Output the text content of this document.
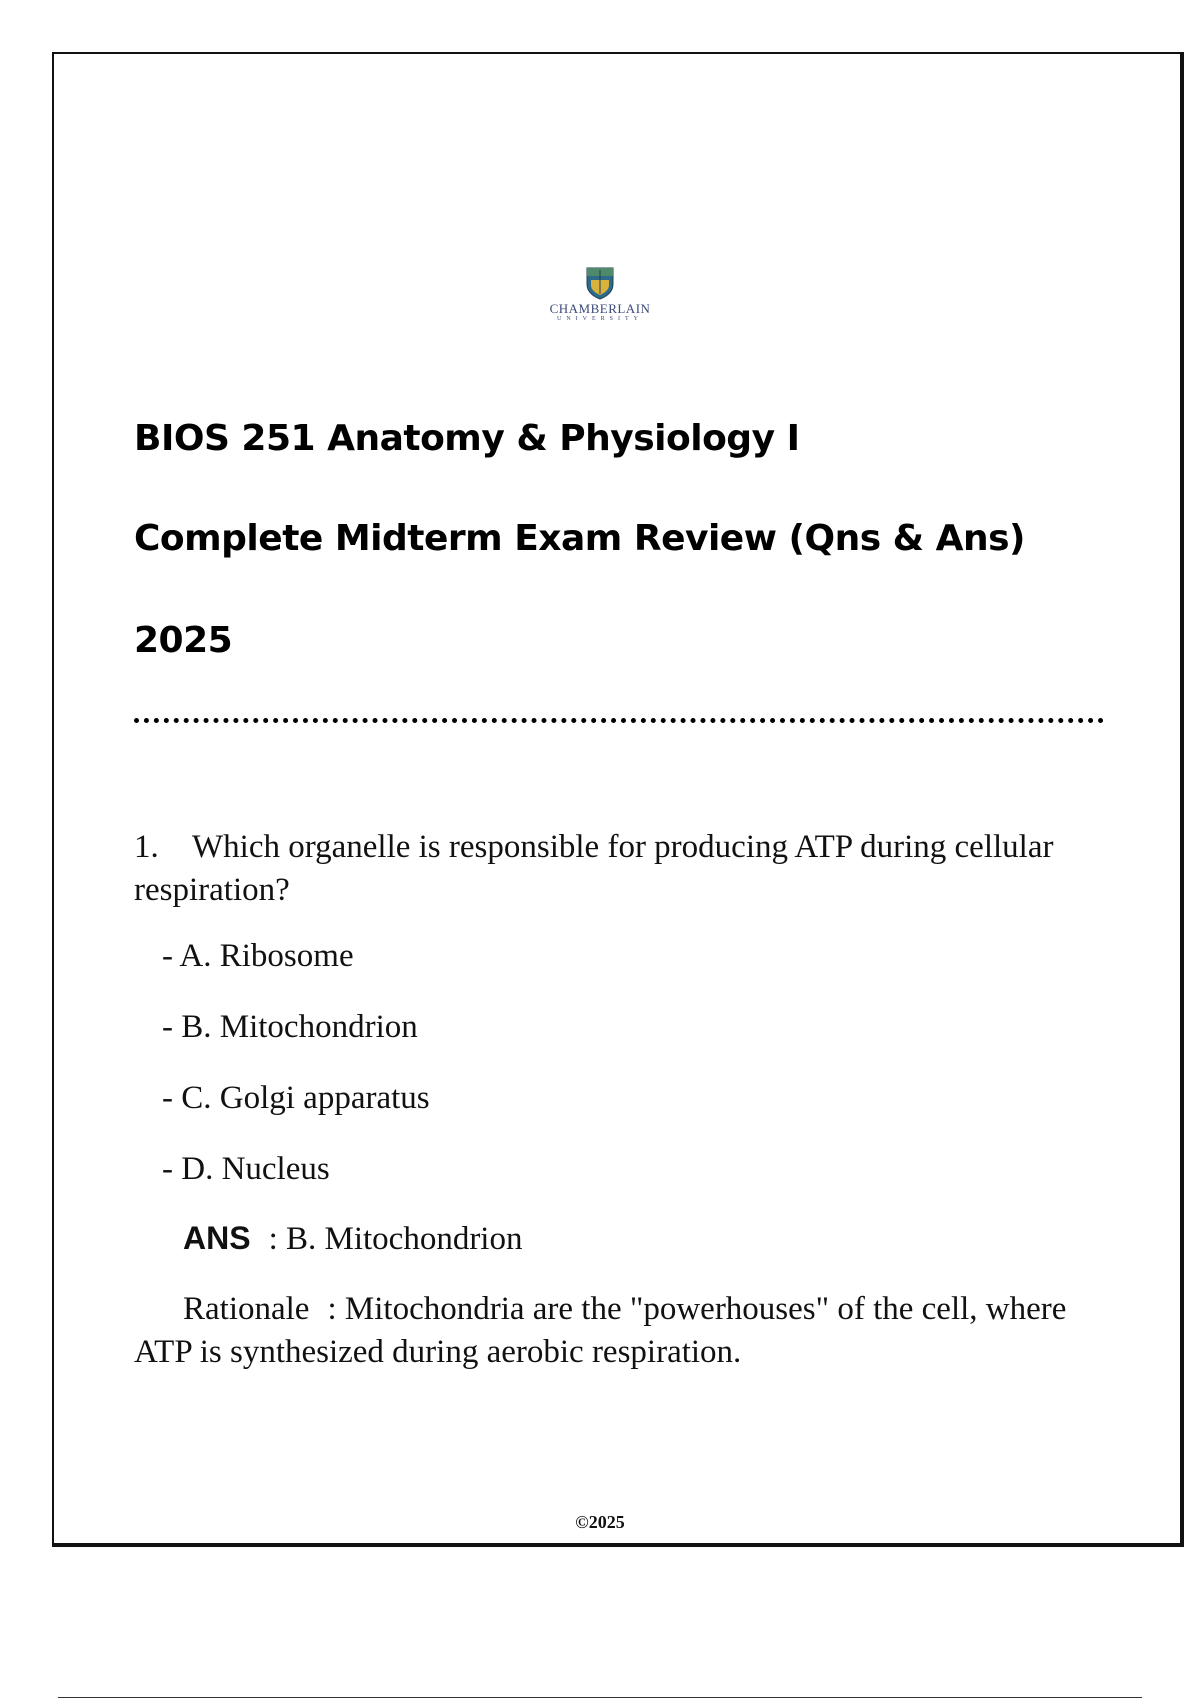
CHAMBERLAIN
UNIVERSITY
BIOS 251 Anatomy & Physiology I
Complete Midterm Exam Review (Qns & Ans)
2025
1. Which organelle is responsible for producing ATP during cellular respiration?
- A. Ribosome
- B. Mitochondrion
- C. Golgi apparatus
- D. Nucleus
ANS : B. Mitochondrion
Rationale : Mitochondria are the "powerhouses" of the cell, where ATP is synthesized during aerobic respiration.
©2025
